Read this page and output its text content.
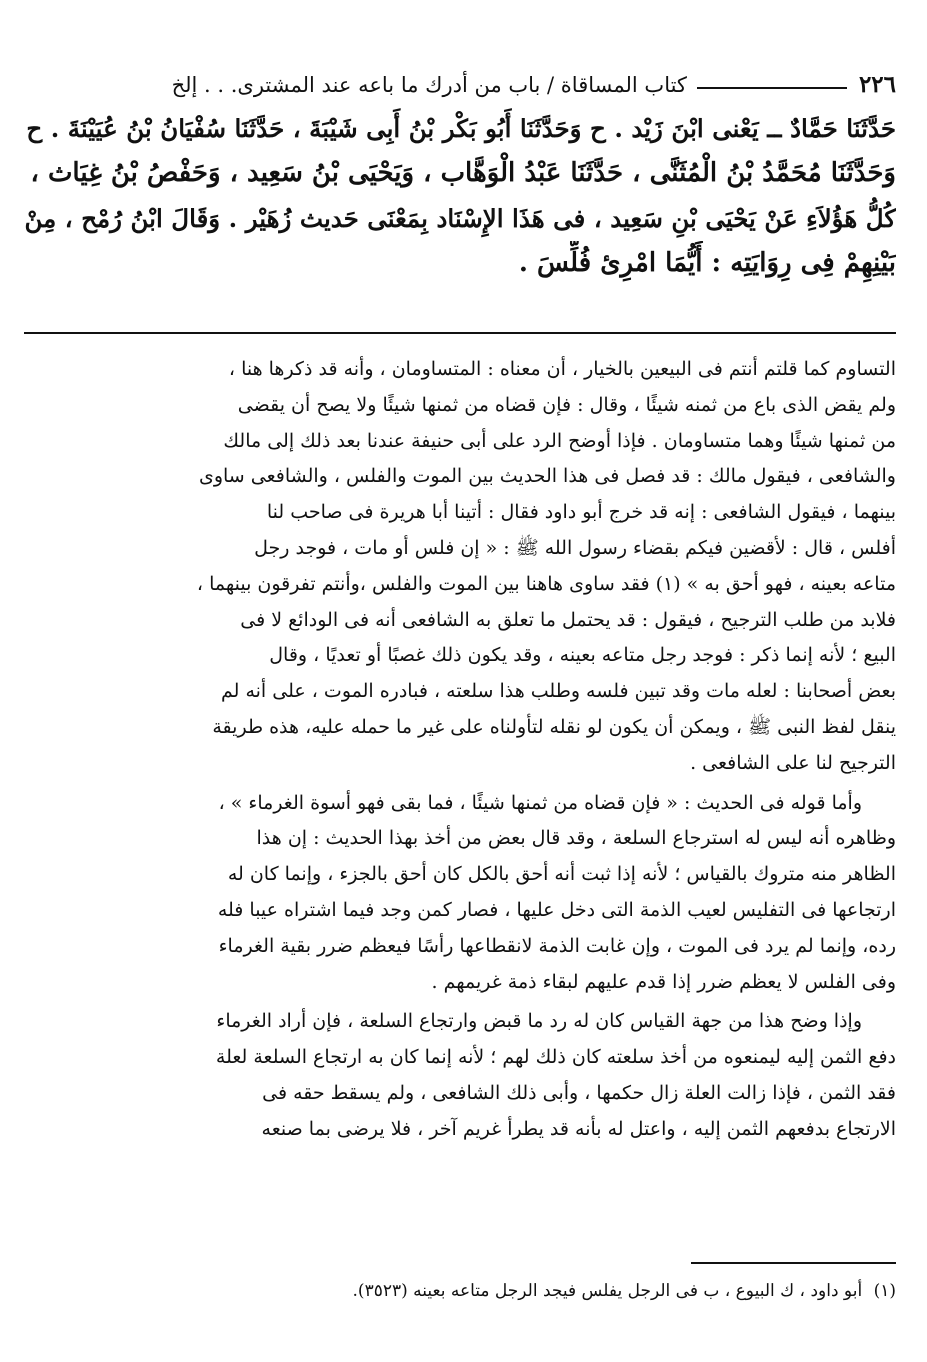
٢٢٦
كتاب المساقاة / باب من أدرك ما باعه عند المشترى. . . إلخ
حَدَّثَنَا حَمَّادٌ ــ يَعْنى ابْنَ زَيْد . ح وَحَدَّثَنَا أَبُو بَكْر بْنُ أَبِى شَيْبَةَ ، حَدَّثَنَا سُفْيَانُ بْنُ عُيَيْنَةَ . ح
وَحَدَّثَنَا مُحَمَّدُ بْنُ الْمُثَنَّى ، حَدَّثَنَا عَبْدُ الْوَهَّاب ، وَيَحْيَى بْنُ سَعِيد ، وَحَفْصُ بْنُ غِيَاث ،
كُلُّ هَؤُلاَءِ عَنْ يَحْيَى بْنِ سَعِيد ، فى هَذَا الإِسْنَاد بِمَعْنَى حَديث زُهَيْر . وَقَالَ ابْنُ رُمْح ، مِنْ
بَيْنِهِمْ فِى رِوَايَتِه : أَيُّمَا امْرِئ فُلِّسَ .

التساوم كما قلتم أنتم فى البيعين بالخيار ، أن معناه : المتساومان ، وأنه قد ذكرها هنا ،
ولم يقض الذى باع من ثمنه شيئًا ، وقال : فإن قضاه من ثمنها شيئًا ولا يصح أن يقضى
من ثمنها شيئًا وهما متساومان . فإذا أوضح الرد على أبى حنيفة عندنا بعد ذلك إلى مالك
والشافعى ، فيقول مالك : قد فصل فى هذا الحديث بين الموت والفلس ، والشافعى ساوى
بينهما ، فيقول الشافعى : إنه قد خرج أبو داود فقال : أتينا أبا هريرة فى صاحب لنا
أفلس ، قال : لأقضين فيكم بقضاء رسول الله ﷺ : « إن فلس أو مات ، فوجد رجل
متاعه بعينه ، فهو أحق به » (١) فقد ساوى هاهنا بين الموت والفلس ،وأنتم تفرقون بينهما ،
فلابد من طلب الترجيح ، فيقول : قد يحتمل ما تعلق به الشافعى أنه فى الودائع لا فى
البيع ؛ لأنه إنما ذكر : فوجد رجل متاعه بعينه ، وقد يكون ذلك غصبًا أو تعديًا ، وقال
بعض أصحابنا : لعله مات وقد تبين فلسه وطلب هذا سلعته ، فبادره الموت ، على أنه لم
ينقل لفظ النبى ﷺ ، ويمكن أن يكون لو نقله لتأولناه على غير ما حمله عليه، هذه طريقة
الترجيح لنا على الشافعى .

وأما قوله فى الحديث : « فإن قضاه من ثمنها شيئًا ، فما بقى فهو أسوة الغرماء » ،
وظاهره أنه ليس له استرجاع السلعة ، وقد قال بعض من أخذ بهذا الحديث : إن هذا
الظاهر منه متروك بالقياس ؛ لأنه إذا ثبت أنه أحق بالكل كان أحق بالجزء ، وإنما كان له
ارتجاعها فى التفليس لعيب الذمة التى دخل عليها ، فصار كمن وجد فيما اشتراه عيبا فله
رده، وإنما لم يرد فى الموت ، وإن غابت الذمة لانقطاعها رأسًا فيعظم ضرر بقية الغرماء
وفى الفلس لا يعظم ضرر إذا قدم عليهم لبقاء ذمة غريمهم .

وإذا وضح هذا من جهة القياس كان له رد ما قبض وارتجاع السلعة ، فإن أراد الغرماء
دفع الثمن إليه ليمنعوه من أخذ سلعته كان ذلك لهم ؛ لأنه إنما كان به ارتجاع السلعة لعلة
فقد الثمن ، فإذا زالت العلة زال حكمها ، وأبى ذلك الشافعى ، ولم يسقط حقه فى
الارتجاع بدفعهم الثمن إليه ، واعتل له بأنه قد يطرأ غريم آخر ، فلا يرضى بما صنعه

(١) أبو داود ، ك البيوع ، ب فى الرجل يفلس فيجد الرجل متاعه بعينه (٣٥٢٣).
